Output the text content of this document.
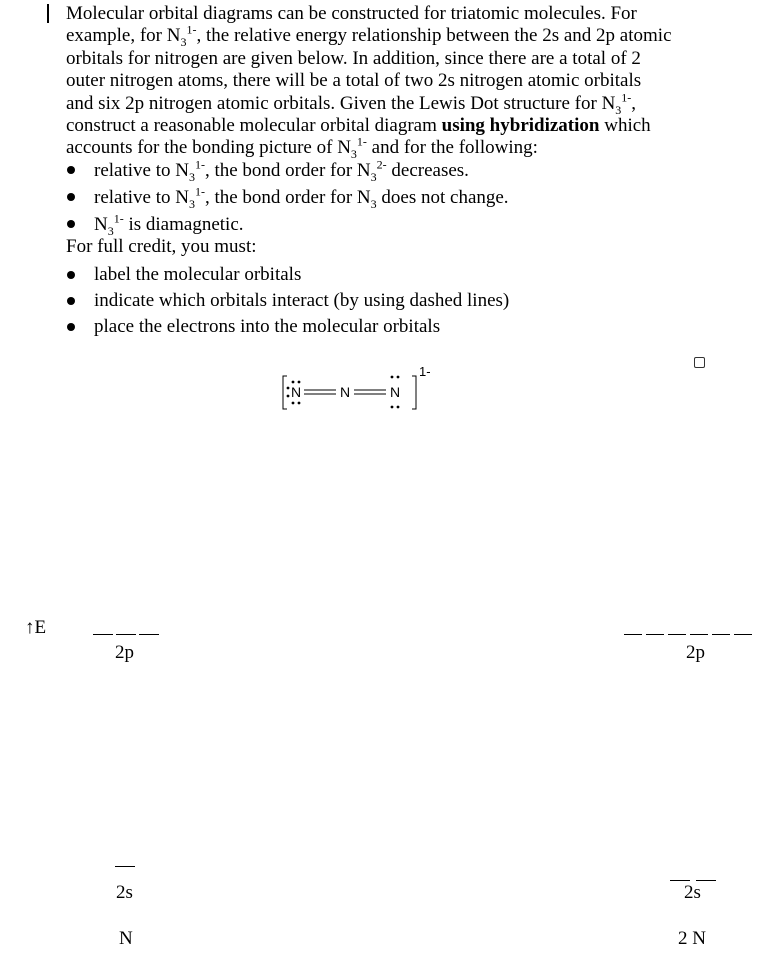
Molecular orbital diagrams can be constructed for triatomic molecules. For
example, for $N_3^{1-}$, the relative energy relationship between the 2s and 2p atomic
orbitals for nitrogen are given below. In addition, since there are a total of 2
outer nitrogen atoms, there will be a total of two 2s nitrogen atomic orbitals
and six 2p nitrogen atomic orbitals. Given the Lewis Dot structure for $N_3^{1-}$,
construct a reasonable molecular orbital diagram using hybridization which
accounts for the bonding picture of $N_3^{1-}$ and for the following:

relative to $N_3^{1-}$, the bond order for $N_3^{2-}$ decreases.
relative to $N_3^{1-}$, the bond order for $N_3$ does not change.
$N_3^{1-}$ is diamagnetic.
For full credit, you must:
label the molecular orbitals
indicate which orbitals interact (by using dashed lines)
place the electrons into the molecular orbitals
N	N	N
1-
↑E
2p
2s
N
2p
2s
2 N
